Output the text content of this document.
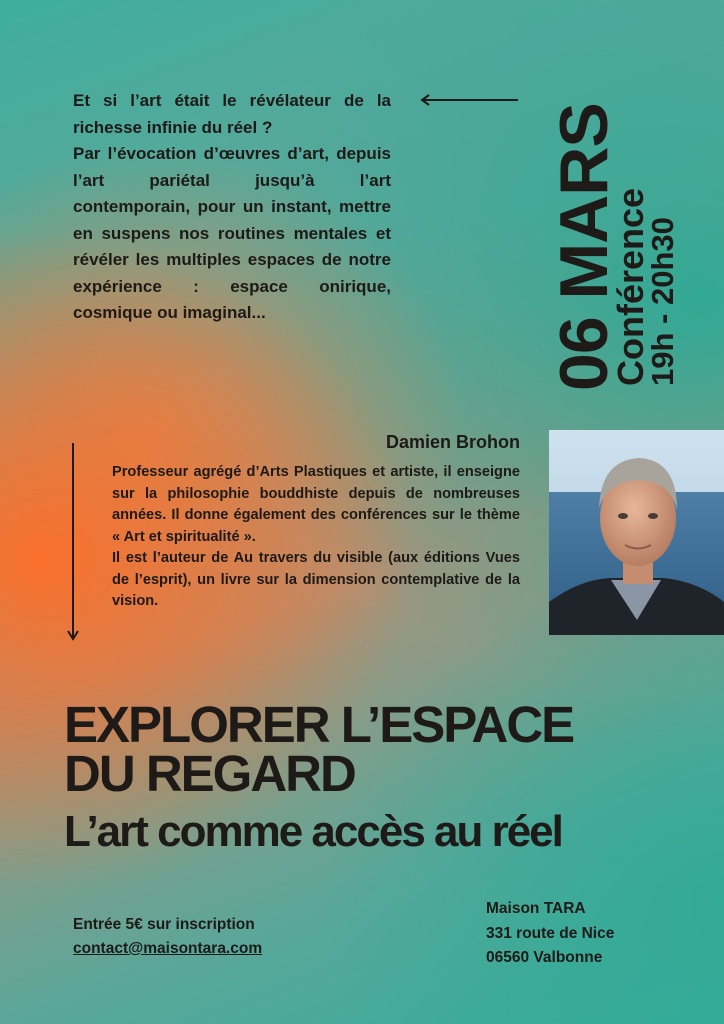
Et si l’art était le révélateur de la richesse infinie du réel ?

Par l’évocation d’œuvres d’art, depuis l’art pariétal jusqu’à l’art contemporain, pour un instant, mettre en suspens nos routines mentales et révéler les multiples espaces de notre expérience : espace onirique, cosmique ou imaginal...	06 MARS
Conférence
19h - 20h30
Damien Brohon

Professeur agrégé d’Arts Plastiques et artiste, il enseigne sur la philosophie bouddhiste depuis de nombreuses années. Il donne également des conférences sur le thème « Art et spiritualité ».

Il est l’auteur de Au travers du visible (aux éditions Vues de l’esprit), un livre sur la dimension contemplative de la vision.

EXPLORER L’ESPACE
DU REGARD
L’art comme accès au réel
Entrée 5€ sur inscription
contact@maisontara.com
Maison TARA
331 route de Nice
06560 Valbonne
